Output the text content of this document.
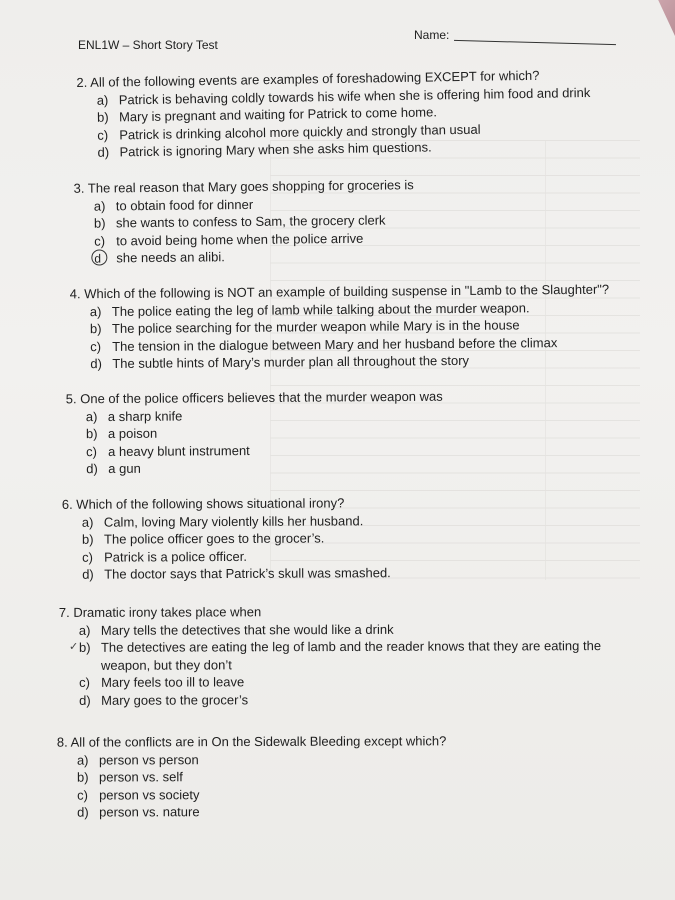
ENL1W – Short Story Test
Name:
2. All of the following events are examples of foreshadowing EXCEPT for which?
a) Patrick is behaving coldly towards his wife when she is offering him food and drink
b) Mary is pregnant and waiting for Patrick to come home.
c) Patrick is drinking alcohol more quickly and strongly than usual
d) Patrick is ignoring Mary when she asks him questions.
3. The real reason that Mary goes shopping for groceries is
a) to obtain food for dinner
b) she wants to confess to Sam, the grocery clerk
c) to avoid being home when the police arrive
d	she needs an alibi.
4. Which of the following is NOT an example of building suspense in "Lamb to the Slaughter"?
a) The police eating the leg of lamb while talking about the murder weapon.
b) The police searching for the murder weapon while Mary is in the house
c) The tension in the dialogue between Mary and her husband before the climax
d) The subtle hints of Mary’s murder plan all throughout the story
5. One of the police officers believes that the murder weapon was
a) a sharp knife
b) a poison
c) a heavy blunt instrument
d) a gun
6. Which of the following shows situational irony?
a) Calm, loving Mary violently kills her husband.
b) The police officer goes to the grocer’s.
c) Patrick is a police officer.
d) The doctor says that Patrick’s skull was smashed.
7. Dramatic irony takes place when
a) Mary tells the detectives that she would like a drink
✓ b) The detectives are eating the leg of lamb and the reader knows that they are eating the weapon, but they don’t
c) Mary feels too ill to leave
d) Mary goes to the grocer’s
8. All of the conflicts are in On the Sidewalk Bleeding except which?
a) person vs person
b) person vs. self
c) person vs society
d) person vs. nature
